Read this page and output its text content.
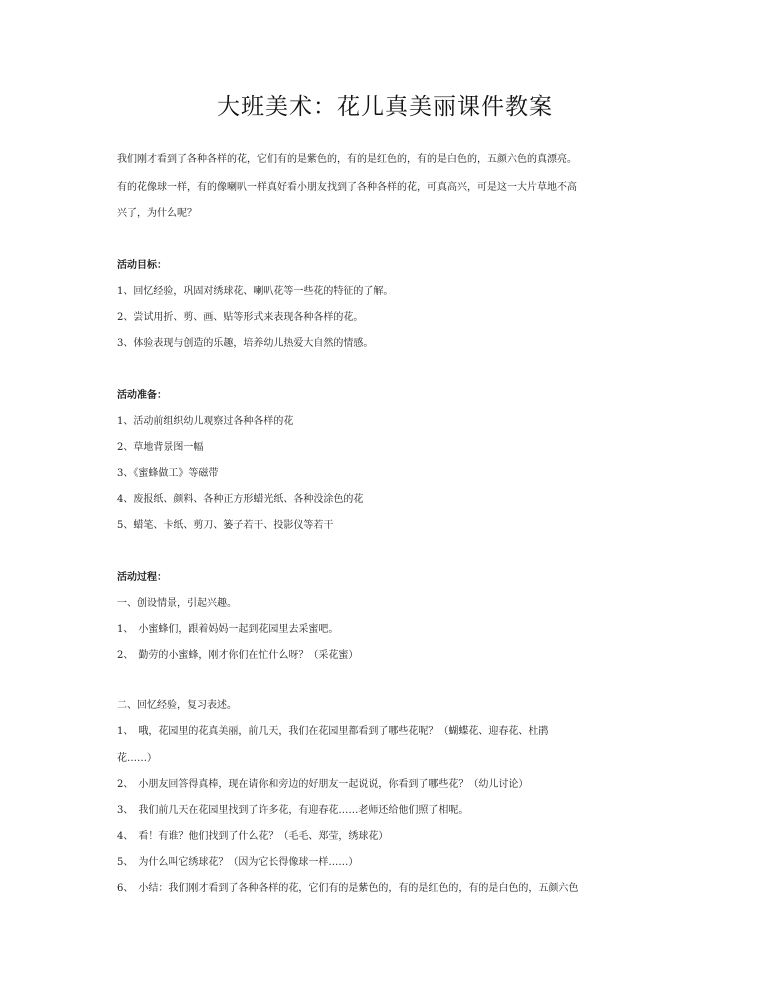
大班美术：花儿真美丽课件教案
我们刚才看到了各种各样的花，它们有的是紫色的，有的是红色的，有的是白色的，五颜六色的真漂亮。
有的花像球一样，有的像喇叭一样真好看小朋友找到了各种各样的花，可真高兴，可是这一大片草地不高
兴了，为什么呢？
活动目标：
1、回忆经验，巩固对绣球花、喇叭花等一些花的特征的了解。
2、尝试用折、剪、画、贴等形式来表现各种各样的花。
3、体验表现与创造的乐趣，培养幼儿热爱大自然的情感。
活动准备：
1、活动前组织幼儿观察过各种各样的花
2、草地背景图一幅
3、《蜜蜂做工》等磁带
4、废报纸、颜料、各种正方形蜡光纸、各种没涂色的花
5、蜡笔、卡纸、剪刀、篓子若干、投影仪等若干
活动过程：
一、创设情景，引起兴趣。
1、　小蜜蜂们，跟着妈妈一起到花园里去采蜜吧。
2、　勤劳的小蜜蜂，刚才你们在忙什么呀？（采花蜜）
二、回忆经验，复习表述。
1、　哦，花园里的花真美丽，前几天，我们在花园里都看到了哪些花呢？（蝴蝶花、迎春花、杜鹃
花……）
2、　小朋友回答得真棒，现在请你和旁边的好朋友一起说说，你看到了哪些花？（幼儿讨论）
3、　我们前几天在花园里找到了许多花，有迎春花……老师还给他们照了相呢。
4、　看！有谁？他们找到了什么花？（毛毛、郑莹，绣球花）
5、　为什么叫它绣球花？（因为它长得像球一样……）
6、　小结：我们刚才看到了各种各样的花，它们有的是紫色的，有的是红色的，有的是白色的，五颜六色
